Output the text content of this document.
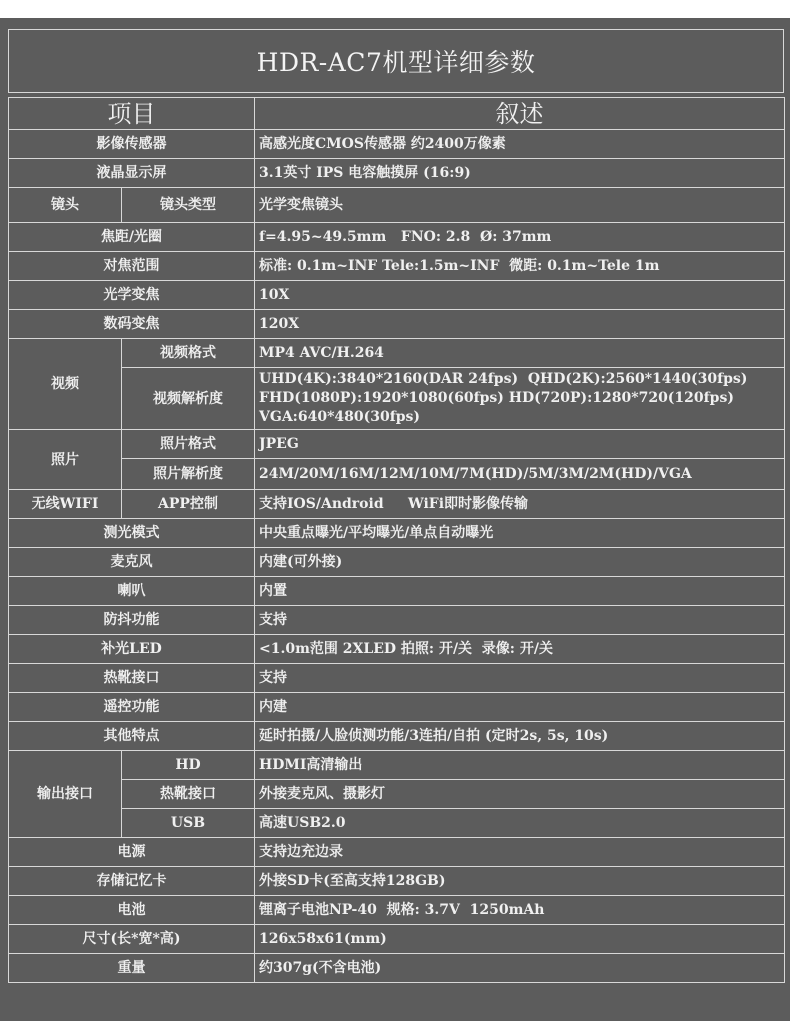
HDR-AC7机型详细参数
项目		叙述
影像传感器		高感光度CMOS传感器 约2400万像素
液晶显示屏		3.1英寸 IPS 电容触摸屏 (16:9)
镜头	镜头类型	光学变焦镜头
焦距/光圈		f=4.95~49.5mm   FNO: 2.8  Ø: 37mm
对焦范围		标准: 0.1m~INF Tele:1.5m~INF  微距: 0.1m~Tele 1m
光学变焦		10X
数码变焦		120X
视频	视频格式	MP4 AVC/H.264
	视频解析度	UHD(4K):3840*2160(DAR 24fps)  QHD(2K):2560*1440(30fps)
FHD(1080P):1920*1080(60fps) HD(720P):1280*720(120fps)
VGA:640*480(30fps)

照片	照片格式	JPEG
	照片解析度	24M/20M/16M/12M/10M/7M(HD)/5M/3M/2M(HD)/VGA
无线WIFI	APP控制	支持IOS/Android     WiFi即时影像传输
测光模式		中央重点曝光/平均曝光/单点自动曝光
麦克风		内建(可外接)
喇叭		内置
防抖功能		支持
补光LED		<1.0m范围 2XLED 拍照: 开/关  录像: 开/关
热靴接口		支持
遥控功能		内建
其他特点		延时拍摄/人脸侦测功能/3连拍/自拍 (定时2s, 5s, 10s)
输出接口	HD	HDMI高清输出
	热靴接口	外接麦克风、摄影灯
	USB	高速USB2.0
电源		支持边充边录
存储记忆卡		外接SD卡(至高支持128GB)
电池		锂离子电池NP-40  规格: 3.7V  1250mAh
尺寸(长*宽*高)		126x58x61(mm)
重量		约307g(不含电池)
